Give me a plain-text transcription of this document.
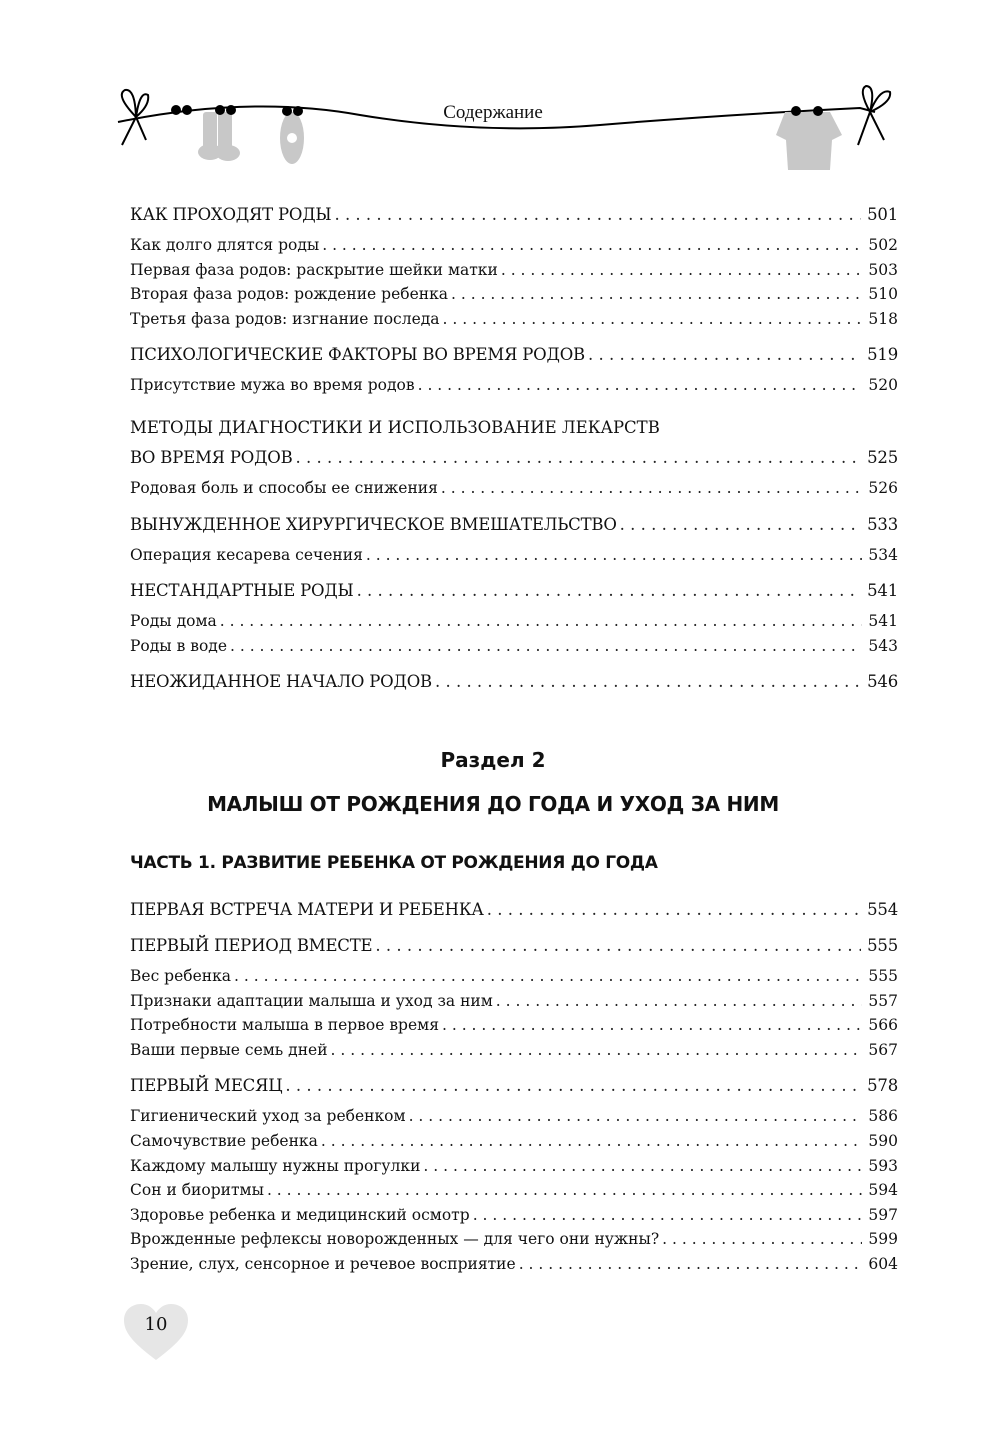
Содержание
КАК ПРОХОДЯТ РОДЫ . . .	501
Как долго длятся роды . . .	502
Первая фаза родов: раскрытие шейки матки . . .	503
Вторая фаза родов: рождение ребенка . . .	510
Третья фаза родов: изгнание последа . . .	518
ПСИХОЛОГИЧЕСКИЕ ФАКТОРЫ ВО ВРЕМЯ РОДОВ . . .	519
Присутствие мужа во время родов . . .	520
МЕТОДЫ ДИАГНОСТИКИ И ИСПОЛЬЗОВАНИЕ ЛЕКАРСТВ
ВО ВРЕМЯ РОДОВ . . .	525
Родовая боль и способы ее снижения . . .	526
ВЫНУЖДЕННОЕ ХИРУРГИЧЕСКОЕ ВМЕШАТЕЛЬСТВО . . .	533
Операция кесарева сечения . . .	534
НЕСТАНДАРТНЫЕ РОДЫ . . .	541
Роды дома . . .	541
Роды в воде . . .	543
НЕОЖИДАННОЕ НАЧАЛО РОДОВ . . .	546
Раздел 2
МАЛЫШ ОТ РОЖДЕНИЯ ДО ГОДА И УХОД ЗА НИМ
ЧАСТЬ 1. РАЗВИТИЕ РЕБЕНКА ОТ РОЖДЕНИЯ ДО ГОДА
ПЕРВАЯ ВСТРЕЧА МАТЕРИ И РЕБЕНКА . . .	554
ПЕРВЫЙ ПЕРИОД ВМЕСТЕ . . .	555
Вес ребенка . . .	555
Признаки адаптации малыша и уход за ним . . .	557
Потребности малыша в первое время . . .	566
Ваши первые семь дней . . .	567
ПЕРВЫЙ МЕСЯЦ . . .	578
Гигиенический уход за ребенком . . .	586
Самочувствие ребенка . . .	590
Каждому малышу нужны прогулки . . .	593
Сон и биоритмы . . .	594
Здоровье ребенка и медицинский осмотр . . .	597
Врожденные рефлексы новорожденных — для чего они нужны? . . .	599
Зрение, слух, сенсорное и речевое восприятие . . .	604
10
